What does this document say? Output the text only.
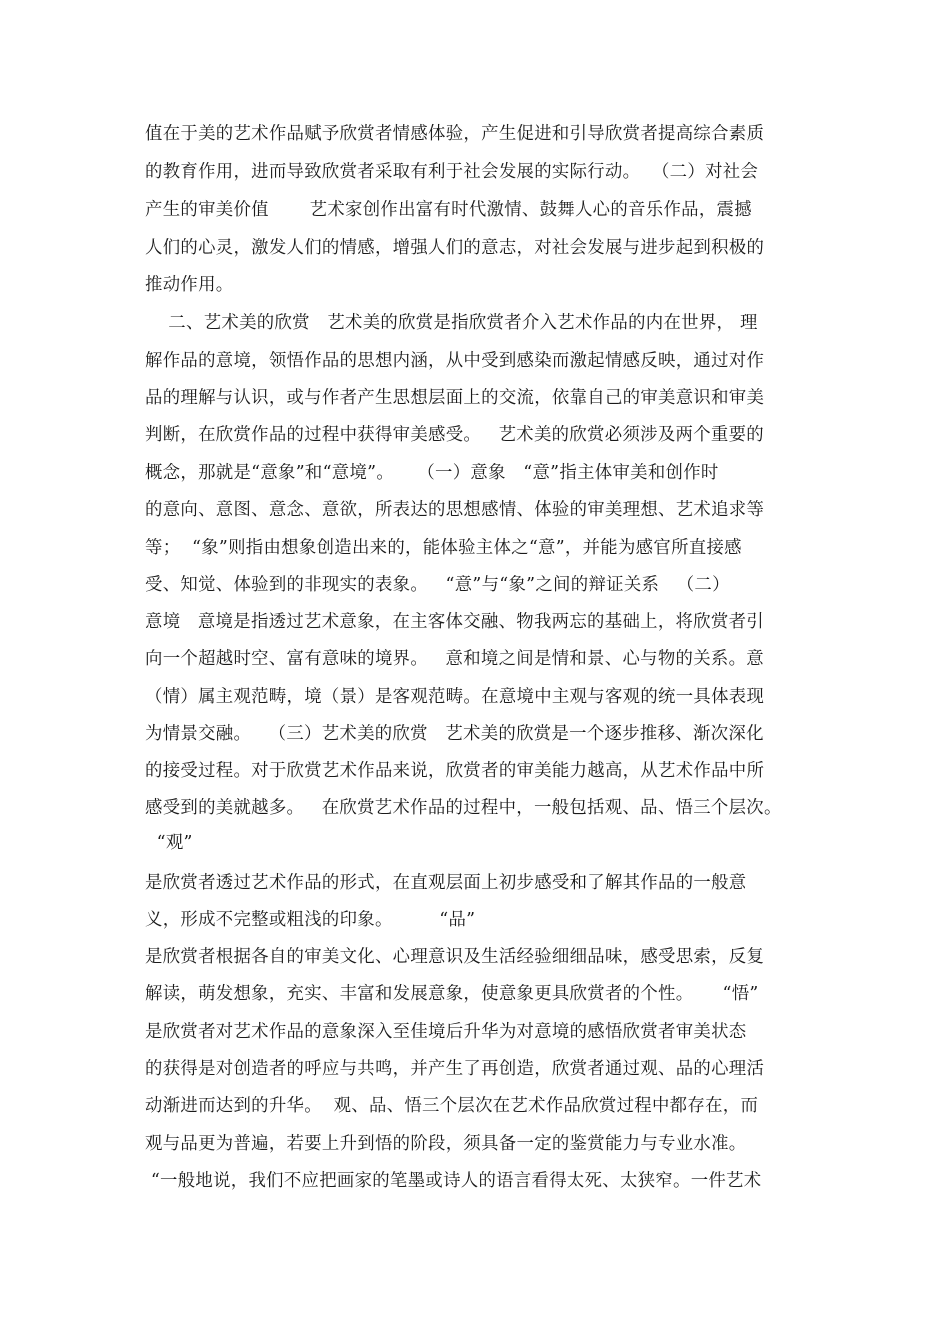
值在于美的艺术作品赋予欣赏者情感体验，产生促进和引导欣赏者提高综合素质
的教育作用，进而导致欣赏者采取有利于社会发展的实际行动。  （二）对社会
产生的审美价值       艺术家创作出富有时代激情、鼓舞人心的音乐作品，震撼
人们的心灵，激发人们的情感，增强人们的意志，对社会发展与进步起到积极的
推动作用。
二、艺术美的欣赏   艺术美的欣赏是指欣赏者介入艺术作品的内在世界， 理
解作品的意境，领悟作品的思想内涵，从中受到感染而激起情感反映，通过对作
品的理解与认识，或与作者产生思想层面上的交流，依靠自己的审美意识和审美
判断，在欣赏作品的过程中获得审美感受。   艺术美的欣赏必须涉及两个重要的
概念，那就是“意象”和“意境”。    （一）意象   “意”指主体审美和创作时
的意向、意图、意念、意欲，所表达的思想感情、体验的审美理想、艺术追求等
等；  “象”则指由想象创造出来的，能体验主体之“意”，并能为感官所直接感
受、知觉、体验到的非现实的表象。   “意”与“象”之间的辩证关系   （二）
意境   意境是指透过艺术意象，在主客体交融、物我两忘的基础上，将欣赏者引
向一个超越时空、富有意味的境界。   意和境之间是情和景、心与物的关系。意
（情）属主观范畴，境（景）是客观范畴。在意境中主观与客观的统一具体表现
为情景交融。   （三）艺术美的欣赏   艺术美的欣赏是一个逐步推移、渐次深化
的接受过程。对于欣赏艺术作品来说，欣赏者的审美能力越高，从艺术作品中所
感受到的美就越多。   在欣赏艺术作品的过程中，一般包括观、品、悟三个层次。
“观”
是欣赏者透过艺术作品的形式，在直观层面上初步感受和了解其作品的一般意
义，形成不完整或粗浅的印象。        “品”
是欣赏者根据各自的审美文化、心理意识及生活经验细细品味，感受思索，反复
解读，萌发想象，充实、丰富和发展意象，使意象更具欣赏者的个性。     “悟”
是欣赏者对艺术作品的意象深入至佳境后升华为对意境的感悟欣赏者审美状态
的获得是对创造者的呼应与共鸣，并产生了再创造，欣赏者通过观、品的心理活
动渐进而达到的升华。  观、品、悟三个层次在艺术作品欣赏过程中都存在，而
观与品更为普遍，若要上升到悟的阶段，须具备一定的鉴赏能力与专业水准。
“一般地说，我们不应把画家的笔墨或诗人的语言看得太死、太狭窄。一件艺术
